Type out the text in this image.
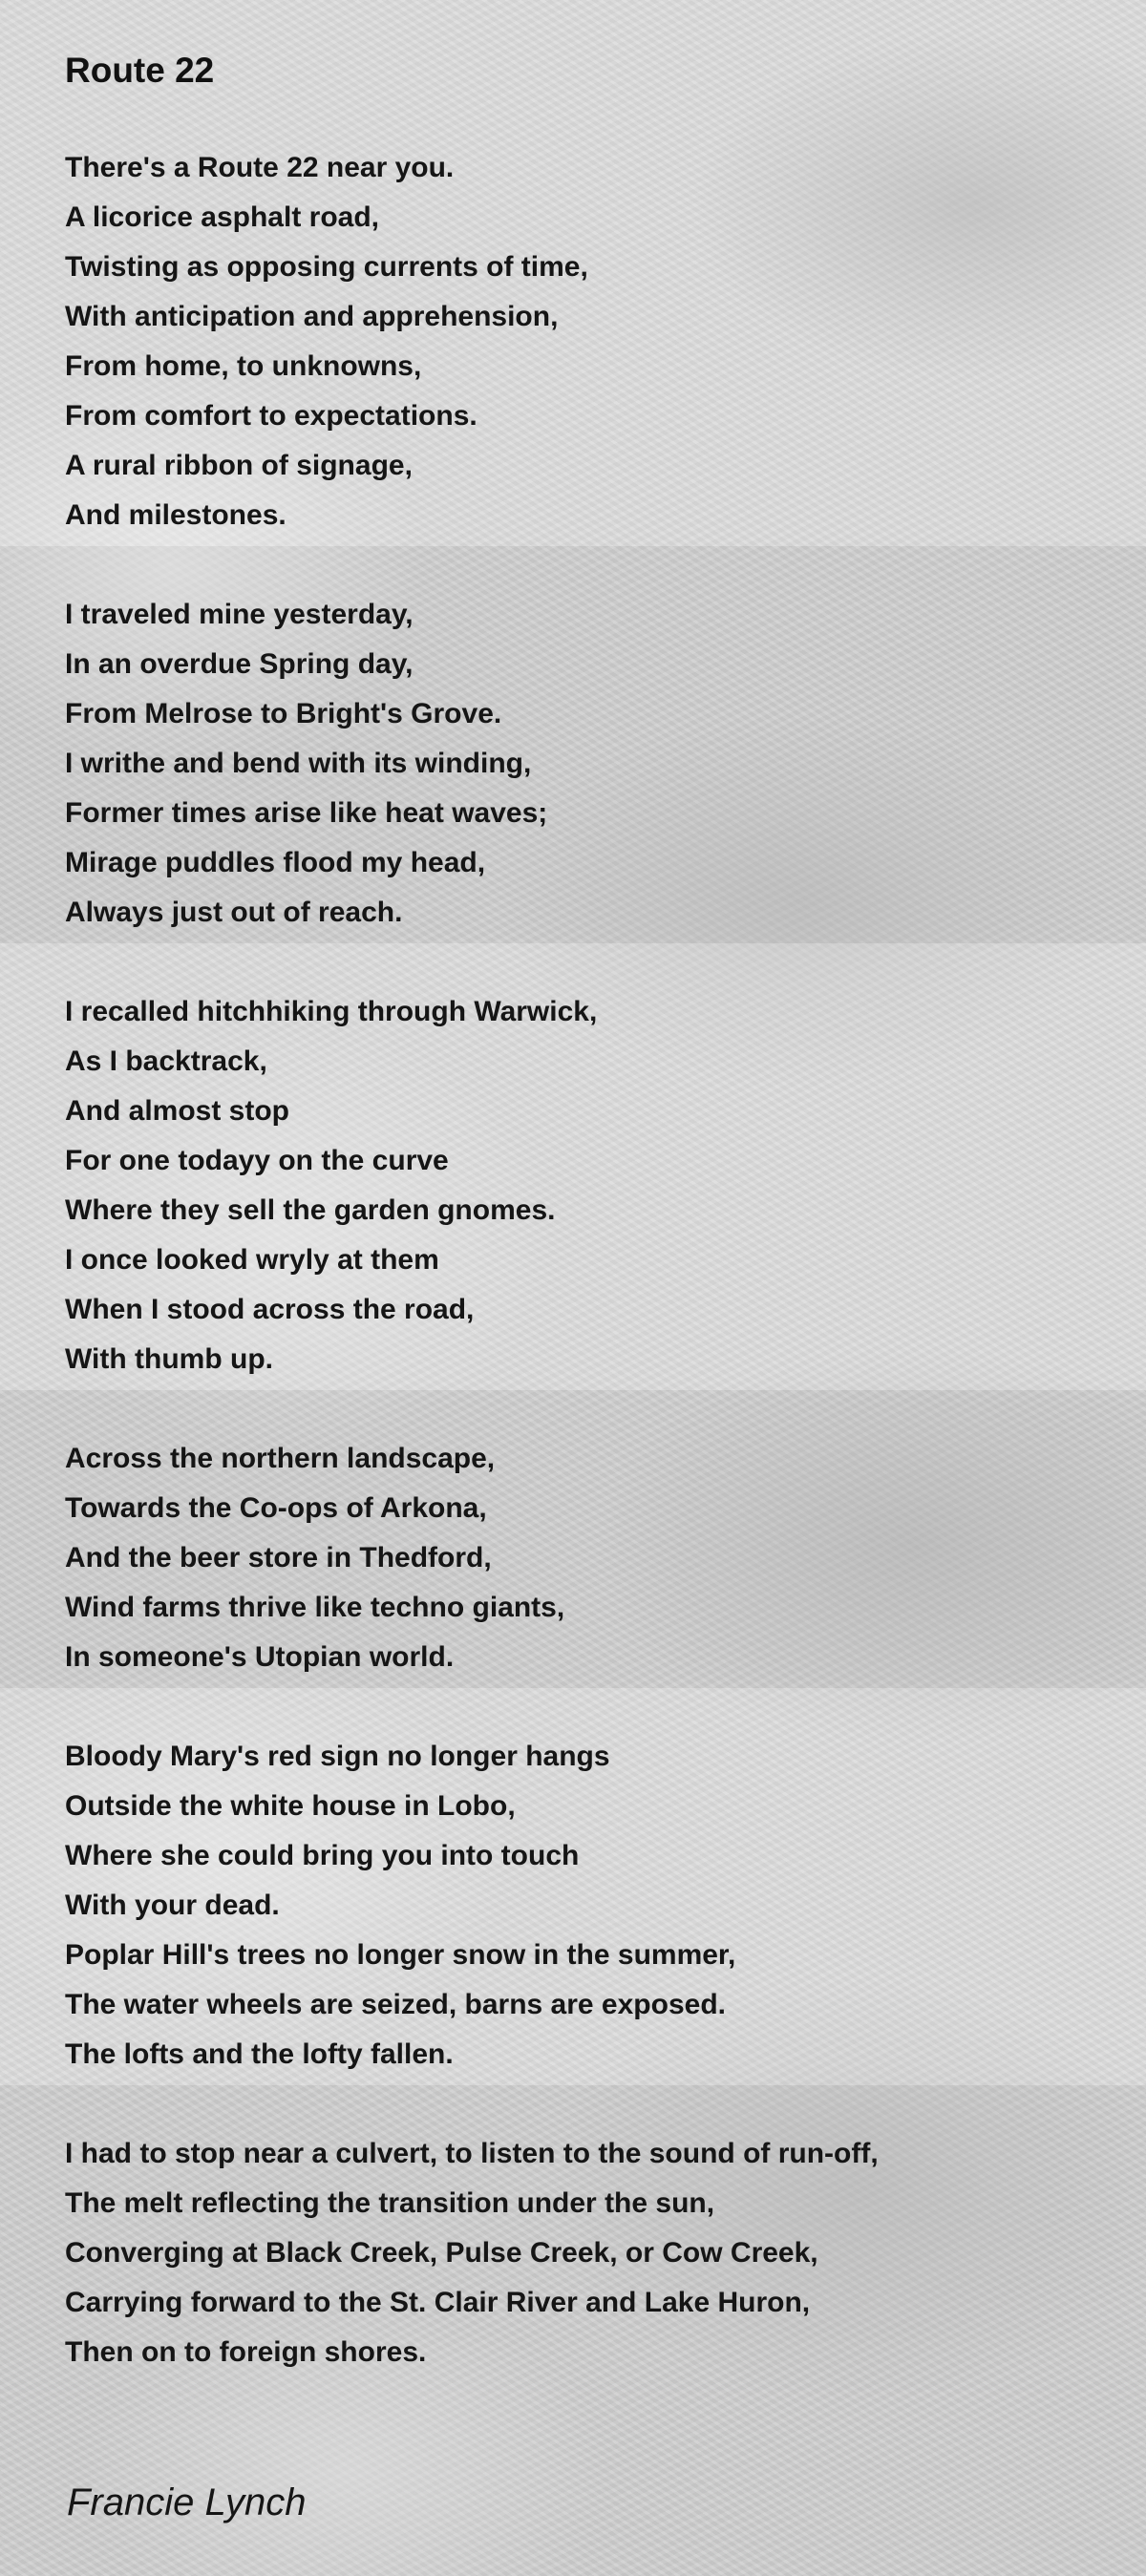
Route 22
There's a Route 22 near you.
A licorice asphalt road,
Twisting as opposing currents of time,
With anticipation and apprehension,
From home, to unknowns,
From comfort to expectations.
A rural ribbon of signage,
And milestones.
I traveled mine yesterday,
In an overdue Spring day,
From Melrose to Bright's Grove.
I writhe and bend with its winding,
Former times arise like heat waves;
Mirage puddles flood my head,
Always just out of reach.
I recalled hitchhiking through Warwick,
As I backtrack,
And almost stop
For one todayy on the curve
Where they sell the garden gnomes.
I once looked wryly at them
When I stood across the road,
With thumb up.
Across the northern landscape,
Towards the Co-ops of Arkona,
And the beer store in Thedford,
Wind farms thrive like techno giants,
In someone's Utopian world.
Bloody Mary's red sign no longer hangs
Outside the white house in Lobo,
Where she could bring you into touch
With your dead.
Poplar Hill's trees no longer snow in the summer,
The water wheels are seized, barns are exposed.
The lofts and the lofty fallen.
I had to stop near a culvert, to listen to the sound of run-off,
The melt reflecting the transition under the sun,
Converging at Black Creek, Pulse Creek, or Cow Creek,
Carrying forward to the St. Clair River and Lake Huron,
Then on to foreign shores.

Francie Lynch
